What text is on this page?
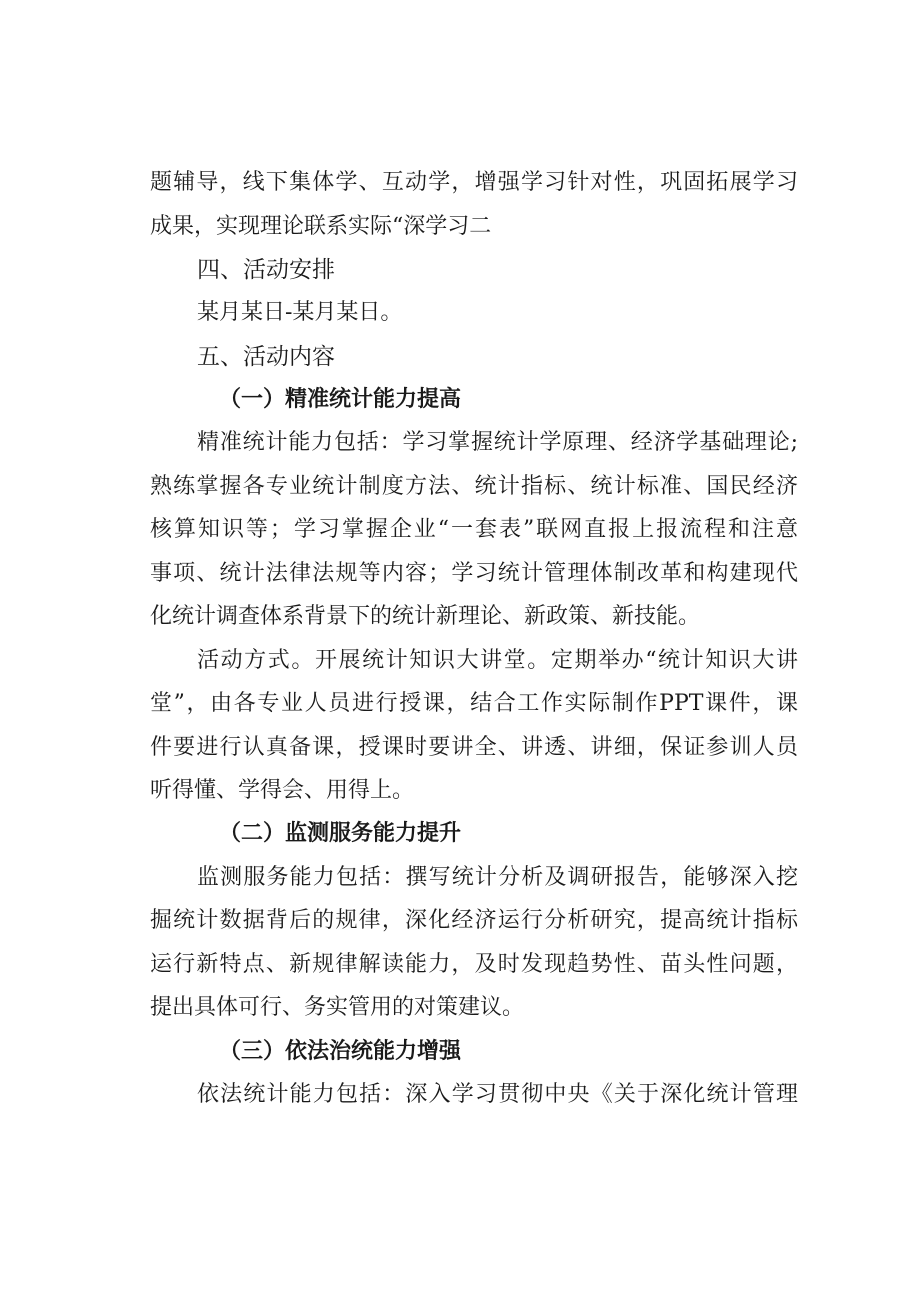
题辅导，线下集体学、互动学，增强学习针对性，巩固拓展学习
成果，实现理论联系实际“深学习二
四、活动安排
某月某日-某月某日。
五、活动内容
（一）精准统计能力提高
精准统计能力包括：学习掌握统计学原理、经济学基础理论;
熟练掌握各专业统计制度方法、统计指标、统计标准、国民经济
核算知识等；学习掌握企业“一套表”联网直报上报流程和注意
事项、统计法律法规等内容；学习统计管理体制改革和构建现代
化统计调查体系背景下的统计新理论、新政策、新技能。
活动方式。开展统计知识大讲堂。定期举办“统计知识大讲
堂”，由各专业人员进行授课，结合工作实际制作PPT课件，课
件要进行认真备课，授课时要讲全、讲透、讲细，保证参训人员
听得懂、学得会、用得上。
（二）监测服务能力提升
监测服务能力包括：撰写统计分析及调研报告，能够深入挖
掘统计数据背后的规律，深化经济运行分析研究，提高统计指标
运行新特点、新规律解读能力，及时发现趋势性、苗头性问题，
提出具体可行、务实管用的对策建议。
（三）依法治统能力增强
依法统计能力包括：深入学习贯彻中央《关于深化统计管理
